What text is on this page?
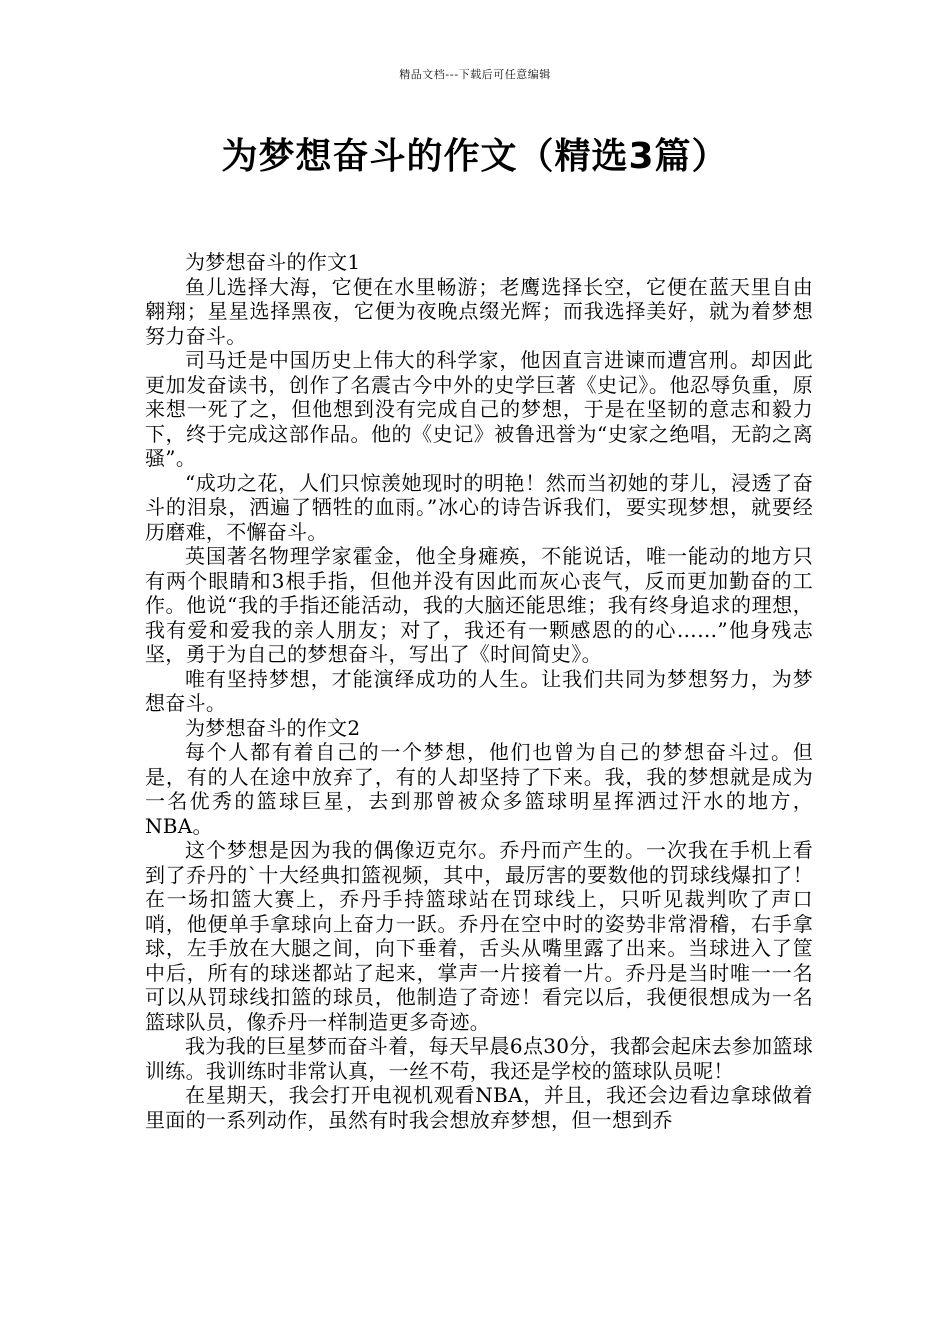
精品文档---下载后可任意编辑
为梦想奋斗的作文（精选3篇）

为梦想奋斗的作文1

鱼儿选择大海，它便在水里畅游；老鹰选择长空，它便在蓝天里自由翱翔；星星选择黑夜，它便为夜晚点缀光辉；而我选择美好，就为着梦想努力奋斗。

司马迁是中国历史上伟大的科学家，他因直言进谏而遭宫刑。却因此更加发奋读书，创作了名震古今中外的史学巨著《史记》。他忍辱负重，原来想一死了之，但他想到没有完成自己的梦想，于是在坚韧的意志和毅力下，终于完成这部作品。他的《史记》被鲁迅誉为“史家之绝唱，无韵之离骚”。

“成功之花，人们只惊羡她现时的明艳！然而当初她的芽儿，浸透了奋斗的泪泉，洒遍了牺牲的血雨。”冰心的诗告诉我们，要实现梦想，就要经历磨难，不懈奋斗。

英国著名物理学家霍金，他全身瘫痪，不能说话，唯一能动的地方只有两个眼睛和3根手指，但他并没有因此而灰心丧气，反而更加勤奋的工作。他说“我的手指还能活动，我的大脑还能思维；我有终身追求的理想，我有爱和爱我的亲人朋友；对了，我还有一颗感恩的的心……”他身残志坚，勇于为自己的梦想奋斗，写出了《时间简史》。

唯有坚持梦想，才能演绎成功的人生。让我们共同为梦想努力，为梦想奋斗。

为梦想奋斗的作文2

每个人都有着自己的一个梦想，他们也曾为自己的梦想奋斗过。但是，有的人在途中放弃了，有的人却坚持了下来。我，我的梦想就是成为一名优秀的篮球巨星，去到那曾被众多篮球明星挥洒过汗水的地方，NBA。

这个梦想是因为我的偶像迈克尔。乔丹而产生的。一次我在手机上看到了乔丹的`十大经典扣篮视频，其中，最厉害的要数他的罚球线爆扣了！在一场扣篮大赛上，乔丹手持篮球站在罚球线上，只听见裁判吹了声口哨，他便单手拿球向上奋力一跃。乔丹在空中时的姿势非常滑稽，右手拿球，左手放在大腿之间，向下垂着，舌头从嘴里露了出来。当球进入了筐中后，所有的球迷都站了起来，掌声一片接着一片。乔丹是当时唯一一名可以从罚球线扣篮的球员，他制造了奇迹！看完以后，我便很想成为一名篮球队员，像乔丹一样制造更多奇迹。

我为我的巨星梦而奋斗着，每天早晨6点30分，我都会起床去参加篮球训练。我训练时非常认真，一丝不苟，我还是学校的篮球队员呢！

在星期天，我会打开电视机观看NBA，并且，我还会边看边拿球做着里面的一系列动作，虽然有时我会想放弃梦想，但一想到乔
